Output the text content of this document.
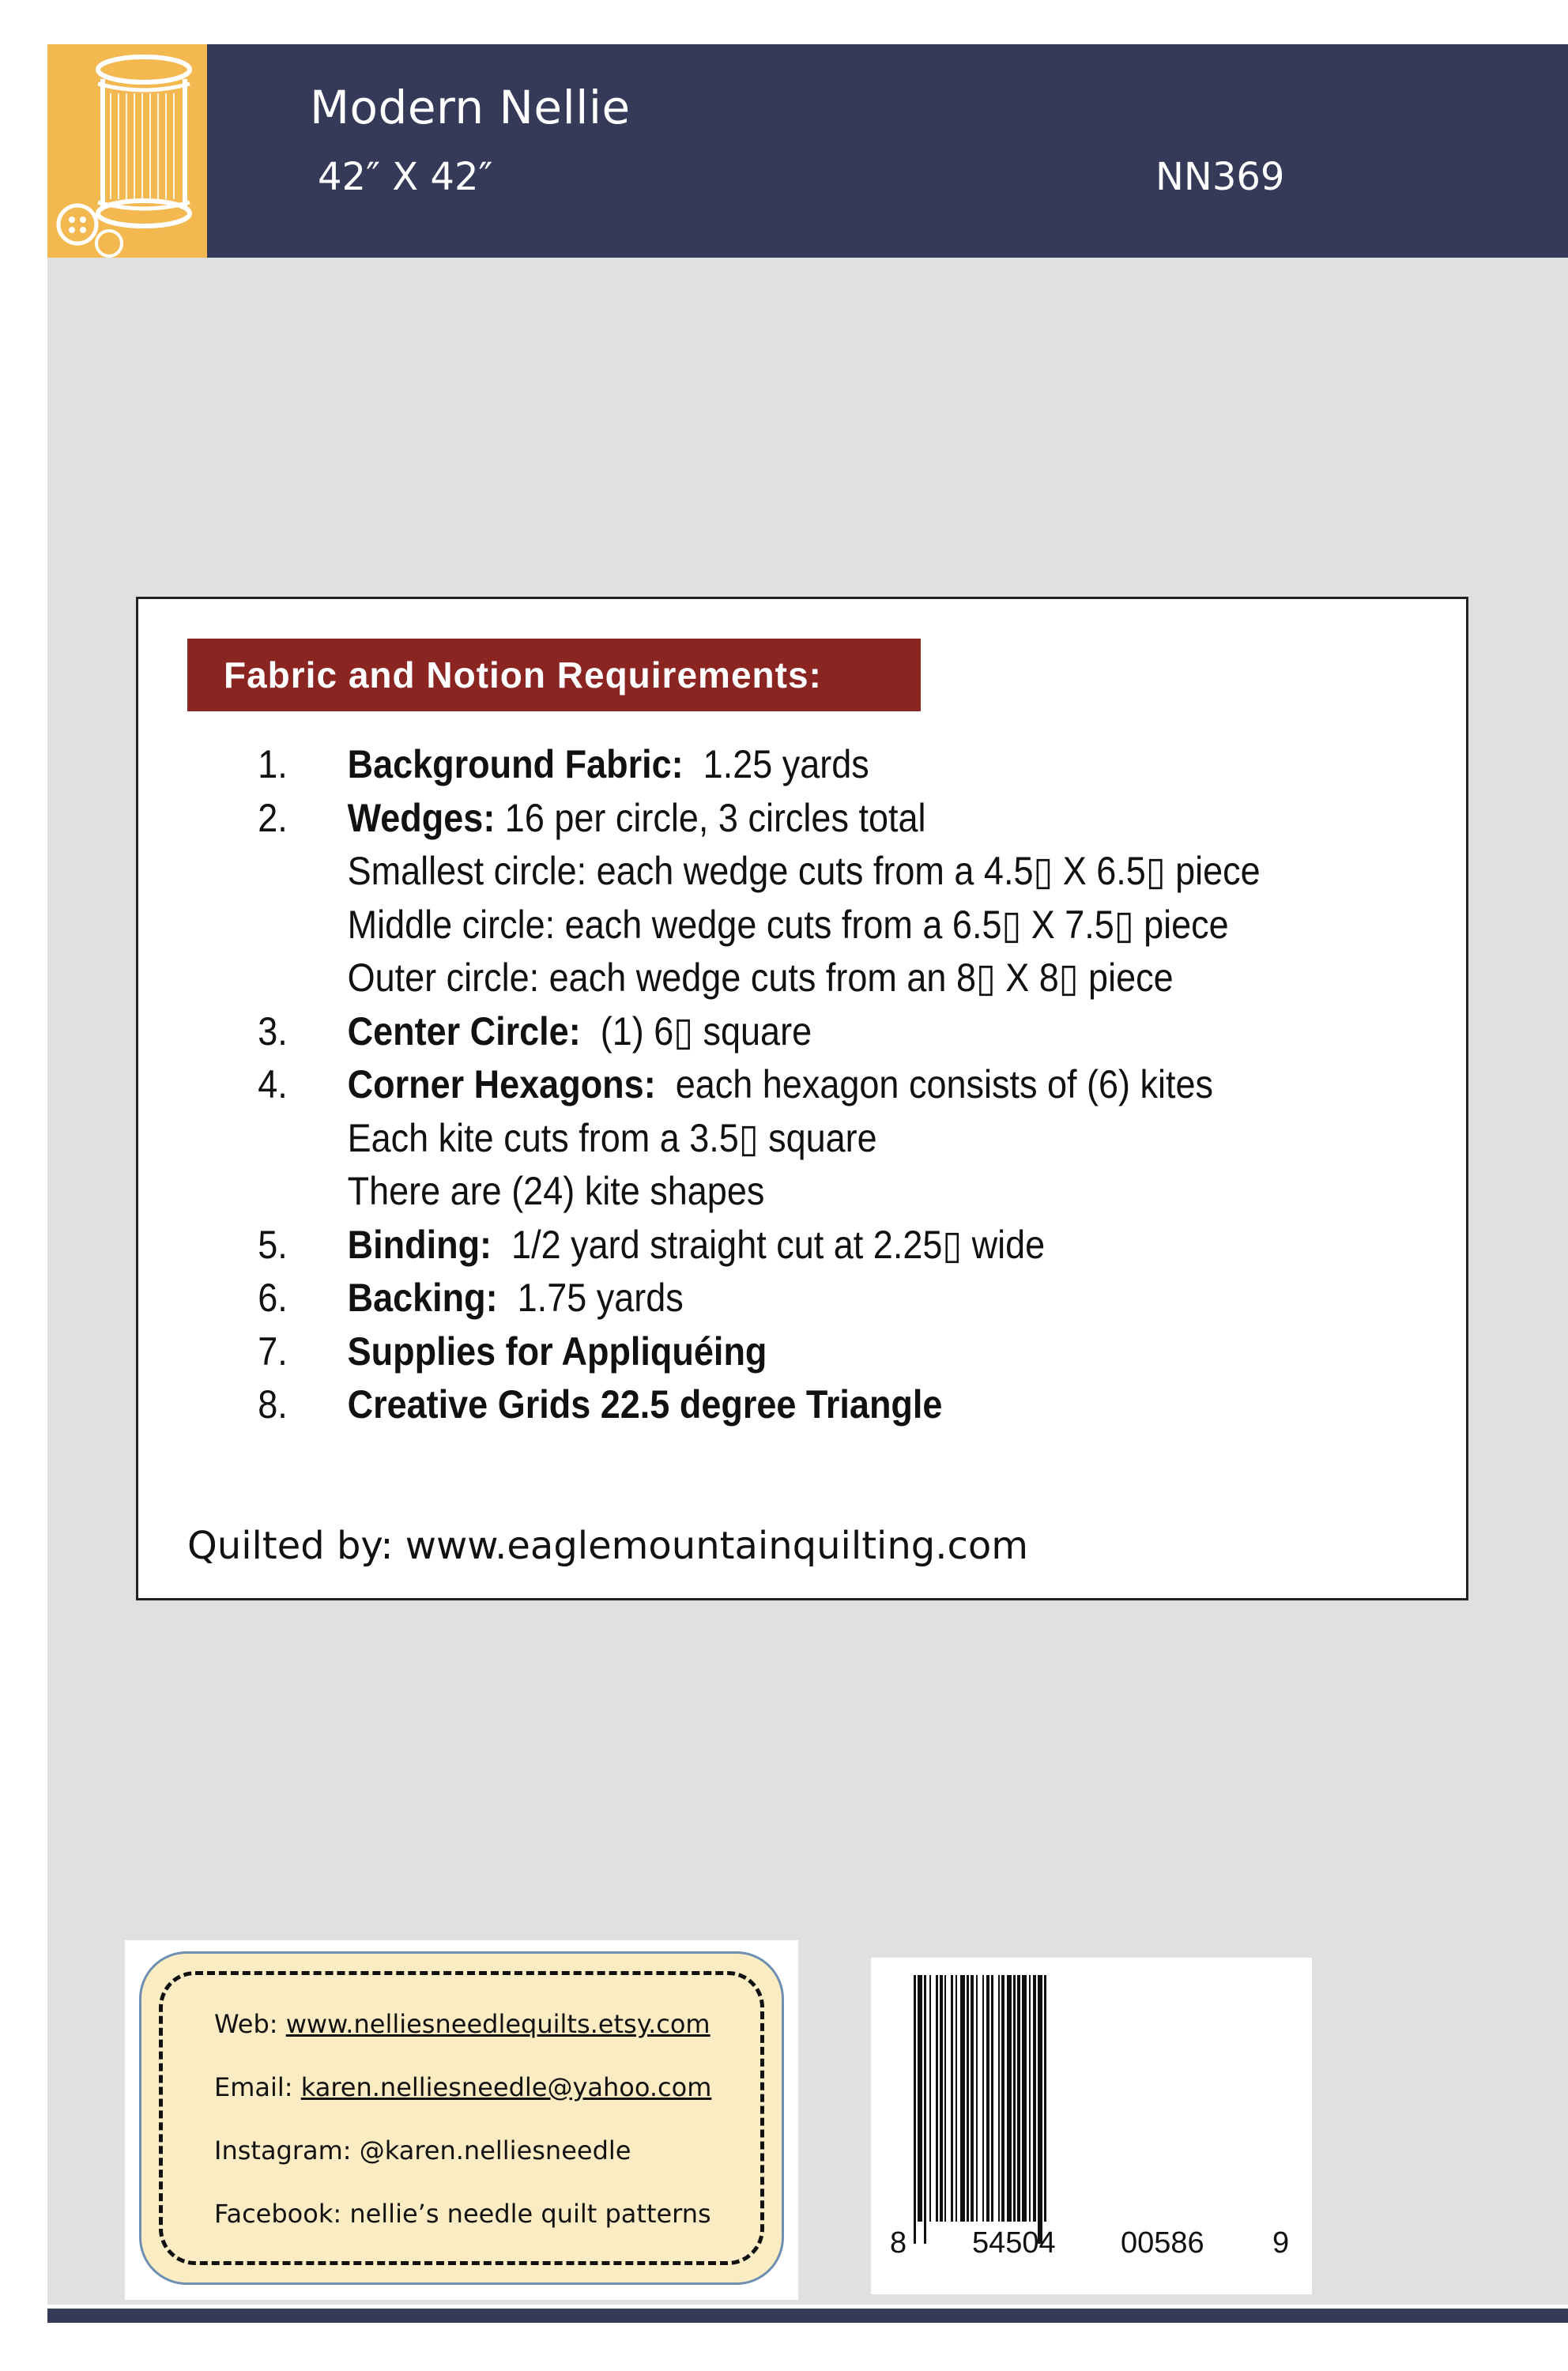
Modern Nellie
42″ X 42″	NN369
Fabric and Notion Requirements:
1. Background Fabric:  1.25 yards
2. Wedges: 16 per circle, 3 circles total
Smallest circle: each wedge cuts from a 4.5▯ X 6.5▯ piece
Middle circle: each wedge cuts from a 6.5▯ X 7.5▯ piece
Outer circle: each wedge cuts from an 8▯ X 8▯ piece
3. Center Circle:  (1) 6▯ square
4. Corner Hexagons:  each hexagon consists of (6) kites
Each kite cuts from a 3.5▯ square
There are (24) kite shapes
5. Binding:  1/2 yard straight cut at 2.25▯ wide
6. Backing:  1.75 yards
7. Supplies for Appliquéing
8. Creative Grids 22.5 degree Triangle
Quilted by: www.eaglemountainquilting.com
Web: www.nelliesneedlequilts.etsy.com
Email: karen.nelliesneedle@yahoo.com
Instagram: @karen.nelliesneedle
Facebook: nellie’s needle quilt patterns
8 54504 00586 9
